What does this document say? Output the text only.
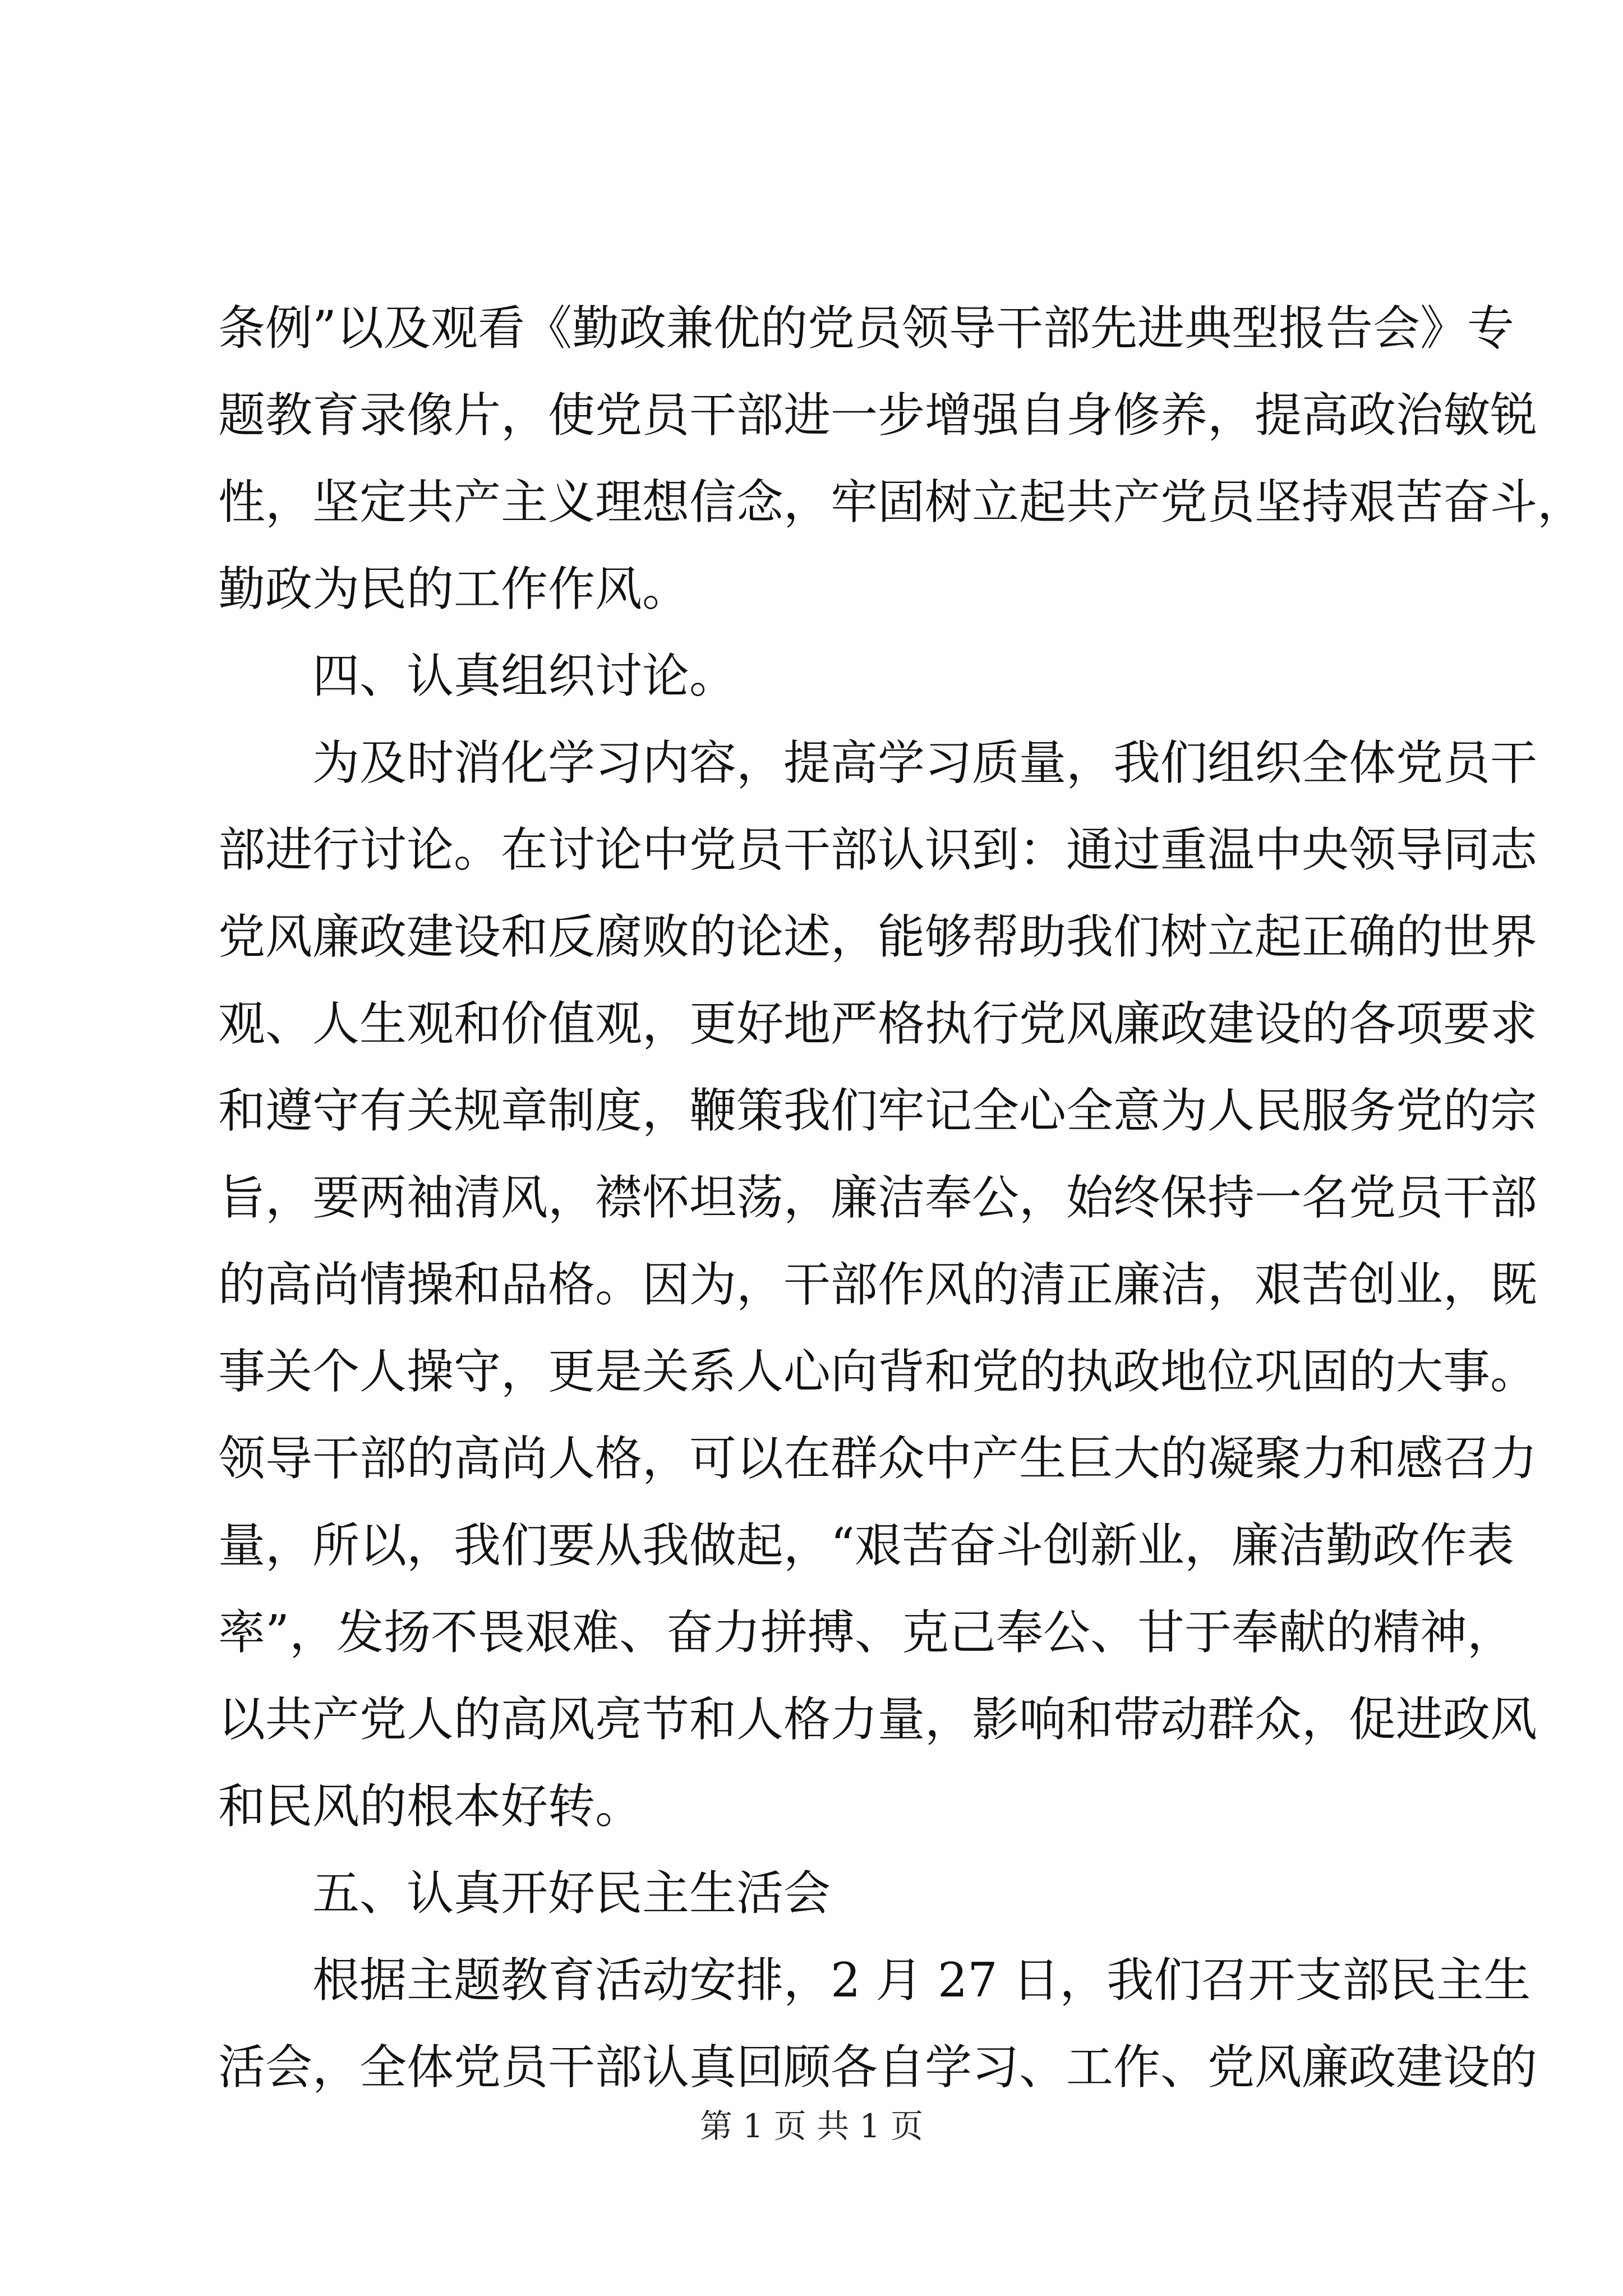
条例”以及观看《勤政兼优的党员领导干部先进典型报告会》专
题教育录像片，使党员干部进一步增强自身修养，提高政治敏锐
性，坚定共产主义理想信念，牢固树立起共产党员坚持艰苦奋斗，
勤政为民的工作作风。
四、认真组织讨论。
为及时消化学习内容，提高学习质量，我们组织全体党员干
部进行讨论。在讨论中党员干部认识到：通过重温中央领导同志
党风廉政建设和反腐败的论述，能够帮助我们树立起正确的世界
观、人生观和价值观，更好地严格执行党风廉政建设的各项要求
和遵守有关规章制度，鞭策我们牢记全心全意为人民服务党的宗
旨，要两袖清风，襟怀坦荡，廉洁奉公，始终保持一名党员干部
的高尚情操和品格。因为，干部作风的清正廉洁，艰苦创业，既
事关个人操守，更是关系人心向背和党的执政地位巩固的大事。
领导干部的高尚人格，可以在群众中产生巨大的凝聚力和感召力
量，所以，我们要从我做起，“艰苦奋斗创新业，廉洁勤政作表
率”，发扬不畏艰难、奋力拼搏、克己奉公、甘于奉献的精神，
以共产党人的高风亮节和人格力量，影响和带动群众，促进政风
和民风的根本好转。
五、认真开好民主生活会
根据主题教育活动安排，2 月 27 日，我们召开支部民主生
活会，全体党员干部认真回顾各自学习、工作、党风廉政建设的
第 1 页 共 1 页
